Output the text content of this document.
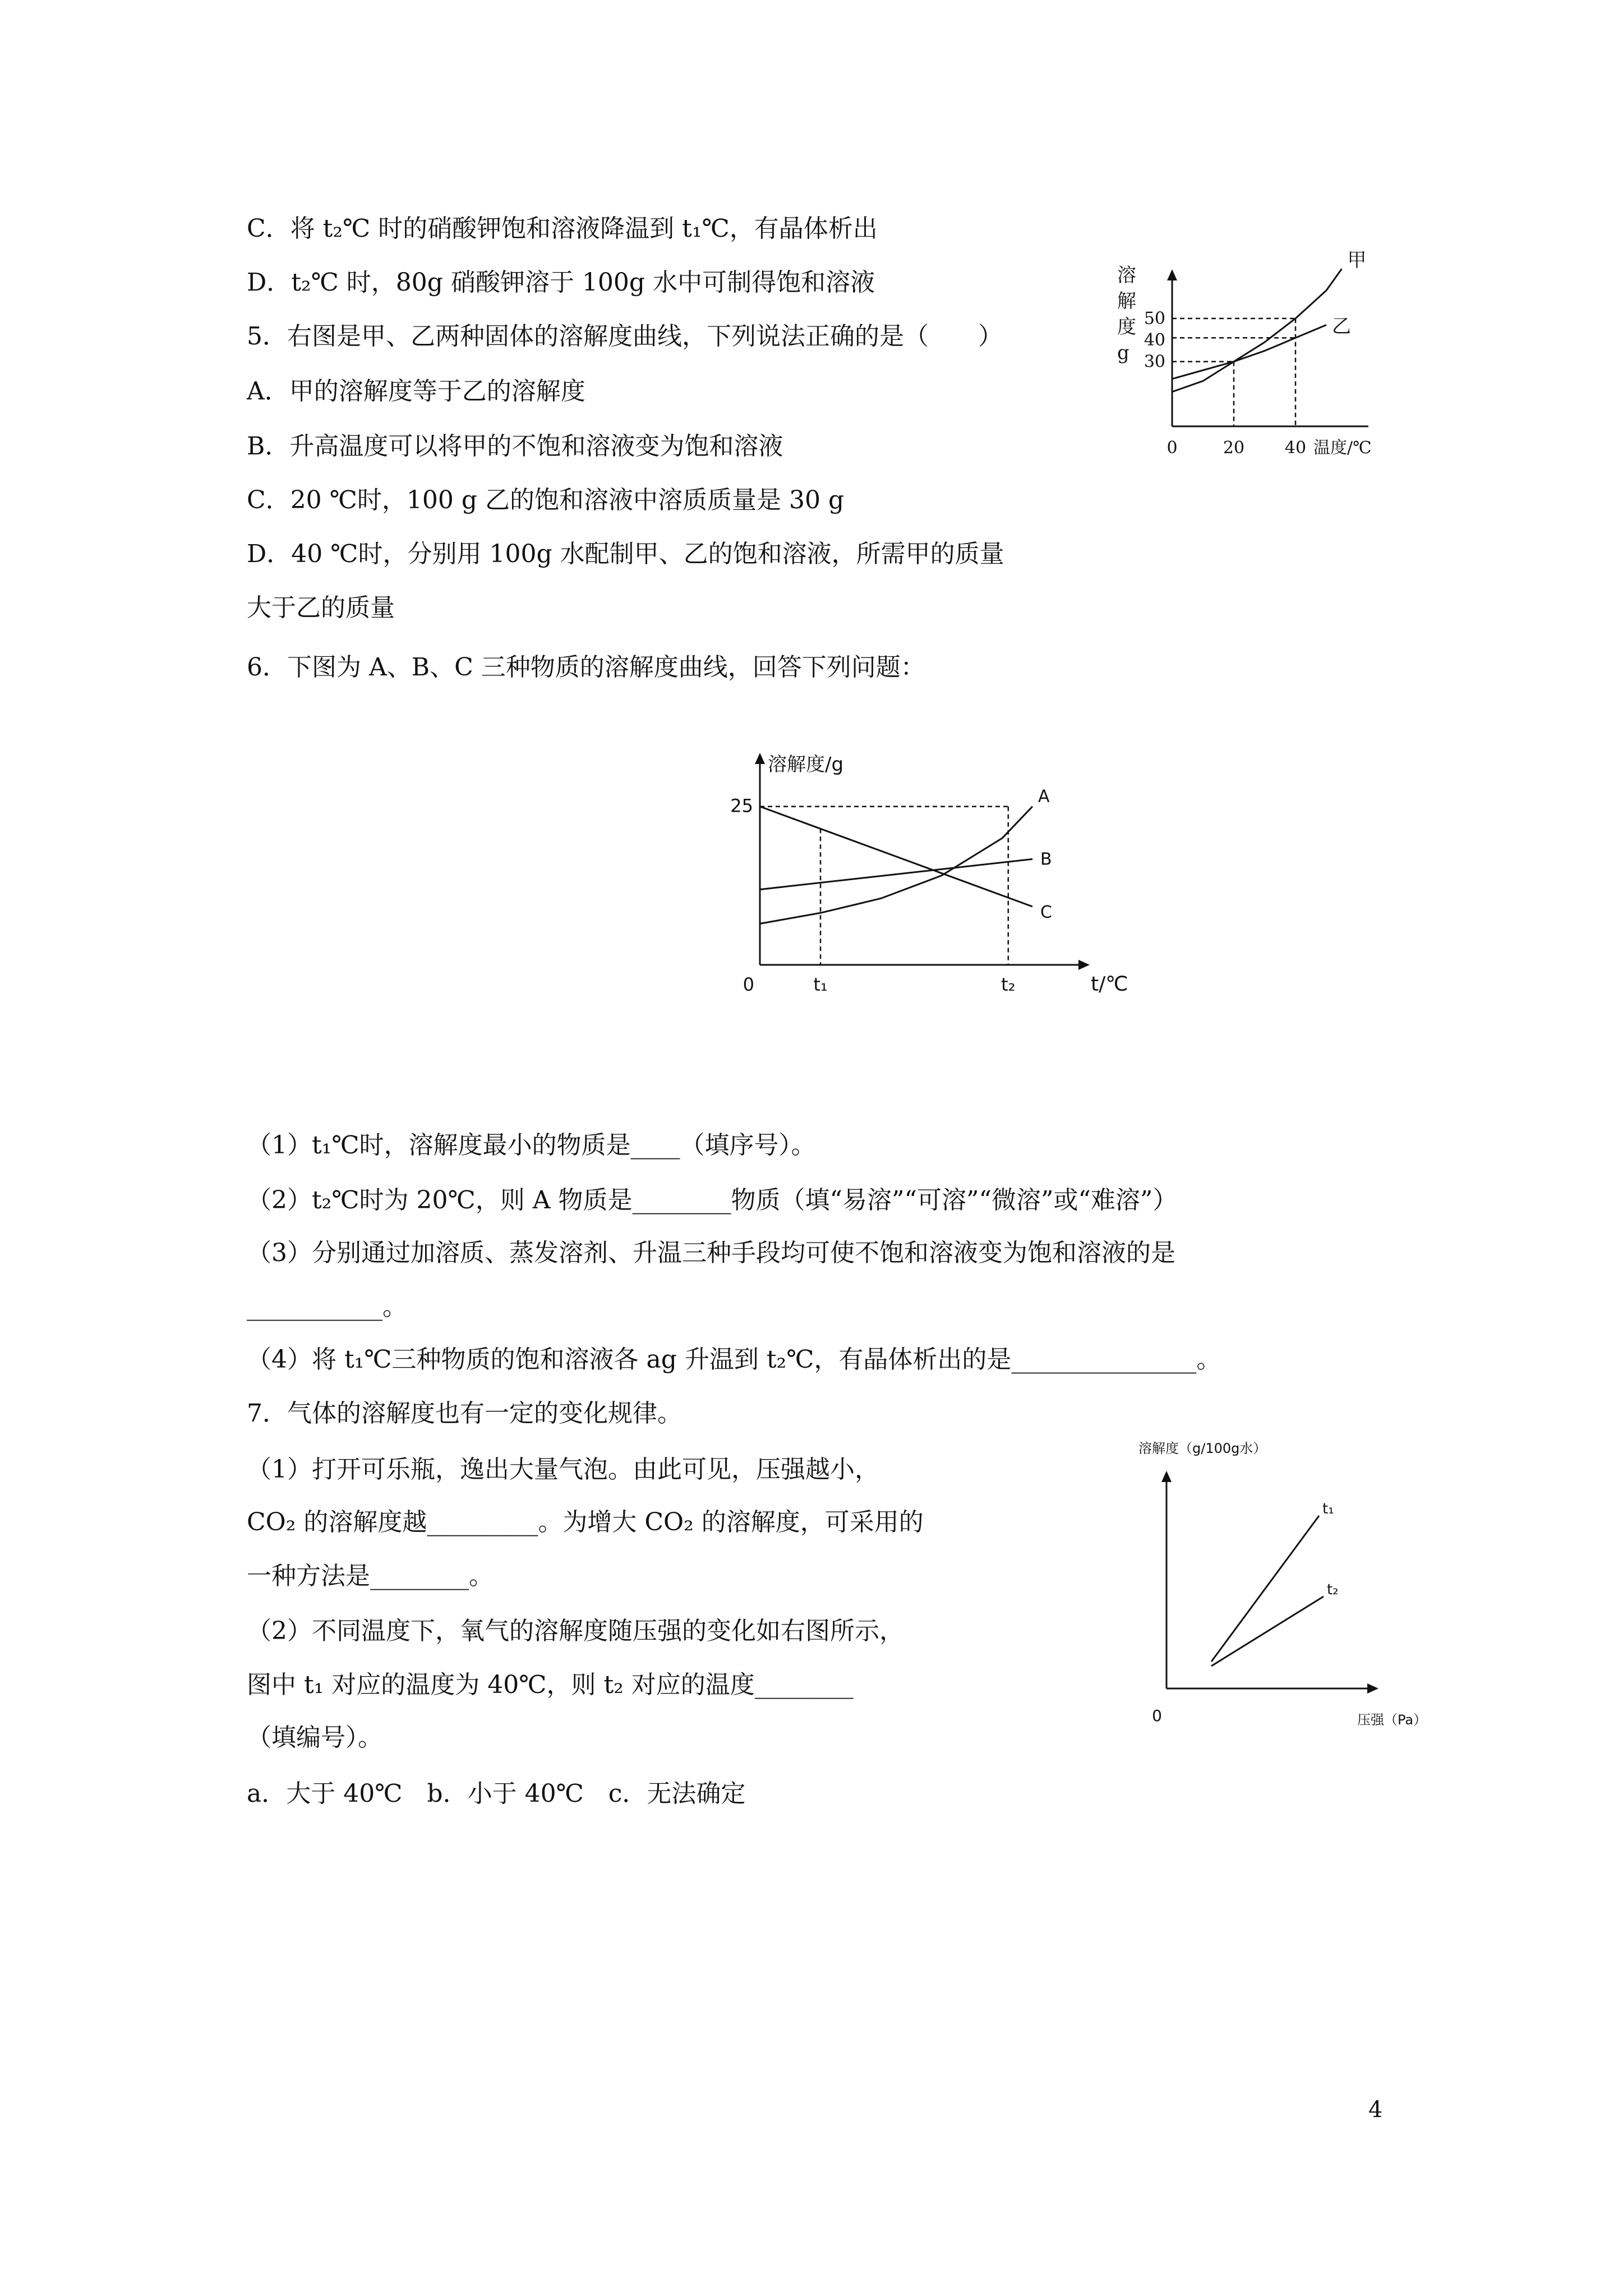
C．将 t₂℃ 时的硝酸钾饱和溶液降温到 t₁℃，有晶体析出
D．t₂℃ 时，80g 硝酸钾溶于 100g 水中可制得饱和溶液
5．右图是甲、乙两种固体的溶解度曲线，下列说法正确的是（　　）
A．甲的溶解度等于乙的溶解度
B．升高温度可以将甲的不饱和溶液变为饱和溶液
C．20 ℃时，100 g 乙的饱和溶液中溶质质量是 30 g
D．40 ℃时，分别用 100g 水配制甲、乙的饱和溶液，所需甲的质量
大于乙的质量
6．下图为 A、B、C 三种物质的溶解度曲线，回答下列问题：
（1）t₁℃时，溶解度最小的物质是____（填序号）。
（2）t₂℃时为 20℃，则 A 物质是________物质（填“易溶”“可溶”“微溶”或“难溶”）
（3）分别通过加溶质、蒸发溶剂、升温三种手段均可使不饱和溶液变为饱和溶液的是
___________。
（4）将 t₁℃三种物质的饱和溶液各 ag 升温到 t₂℃，有晶体析出的是_______________。
7．气体的溶解度也有一定的变化规律。
（1）打开可乐瓶，逸出大量气泡。由此可见，压强越小，
CO₂ 的溶解度越_________。为增大 CO₂ 的溶解度，可采用的
一种方法是________。
（2）不同温度下，氧气的溶解度随压强的变化如右图所示，
图中 t₁ 对应的温度为 40℃，则 t₂ 对应的温度________
（填编号）。
a．大于 40℃　b．小于 40℃　c．无法确定
溶
解
度
g
0	20 40 温度/℃
30
40
50
甲
乙
溶解度/g
t/℃
0
25
t₁	t₂
A
B
C
溶解度（g/100g水）
压强（Pa）
0
t₁
t₂
4
